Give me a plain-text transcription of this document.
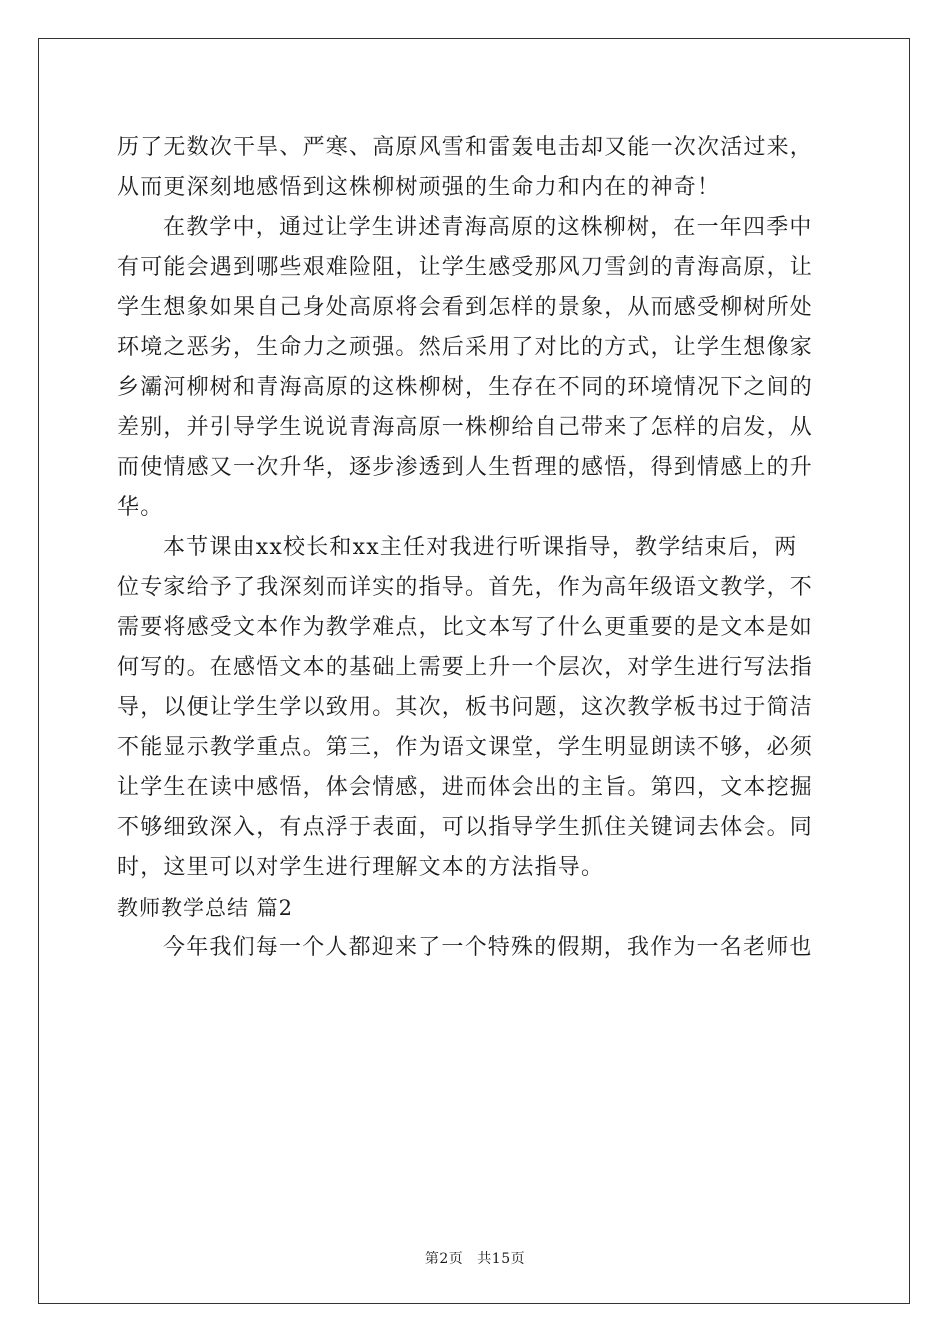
历了无数次干旱、严寒、高原风雪和雷轰电击却又能一次次活过来，
从而更深刻地感悟到这株柳树顽强的生命力和内在的神奇！
在教学中，通过让学生讲述青海高原的这株柳树，在一年四季中
有可能会遇到哪些艰难险阻，让学生感受那风刀雪剑的青海高原，让
学生想象如果自己身处高原将会看到怎样的景象，从而感受柳树所处
环境之恶劣，生命力之顽强。然后采用了对比的方式，让学生想像家
乡灞河柳树和青海高原的这株柳树，生存在不同的环境情况下之间的
差别，并引导学生说说青海高原一株柳给自己带来了怎样的启发，从
而使情感又一次升华，逐步渗透到人生哲理的感悟，得到情感上的升
华。
本节课由xx校长和xx主任对我进行听课指导，教学结束后，两
位专家给予了我深刻而详实的指导。首先，作为高年级语文教学，不
需要将感受文本作为教学难点，比文本写了什么更重要的是文本是如
何写的。在感悟文本的基础上需要上升一个层次，对学生进行写法指
导，以便让学生学以致用。其次，板书问题，这次教学板书过于简洁
不能显示教学重点。第三，作为语文课堂，学生明显朗读不够，必须
让学生在读中感悟，体会情感，进而体会出的主旨。第四，文本挖掘
不够细致深入，有点浮于表面，可以指导学生抓住关键词去体会。同
时，这里可以对学生进行理解文本的方法指导。
教师教学总结 篇2
今年我们每一个人都迎来了一个特殊的假期，我作为一名老师也
第2页 共15页
